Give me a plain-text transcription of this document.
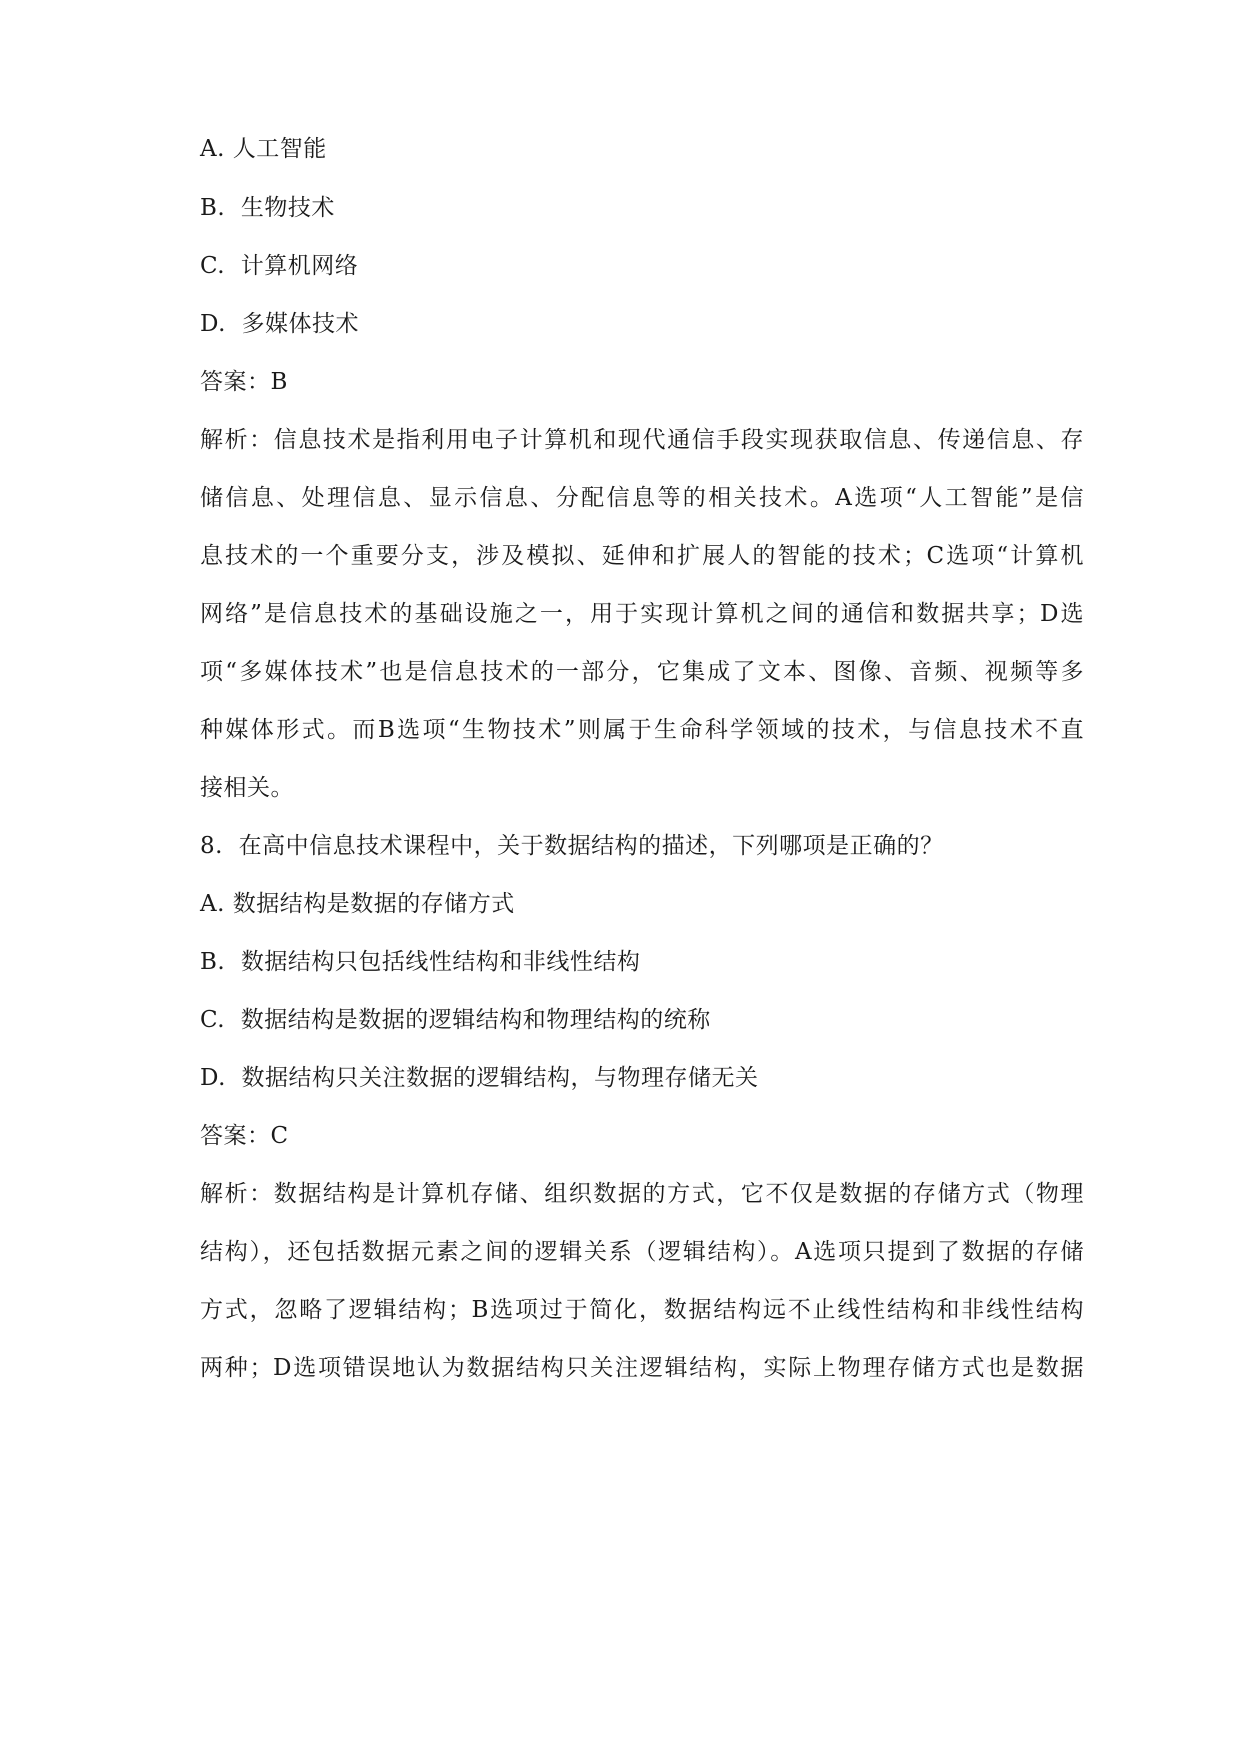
A. 人工智能
B.  生物技术
C.  计算机网络
D.  多媒体技术
答案：B
解析：信息技术是指利用电子计算机和现代通信手段实现获取信息、传递信息、存
储信息、处理信息、显示信息、分配信息等的相关技术。A选项“人工智能”是信
息技术的一个重要分支，涉及模拟、延伸和扩展人的智能的技术；C选项“计算机
网络”是信息技术的基础设施之一，用于实现计算机之间的通信和数据共享；D选
项“多媒体技术”也是信息技术的一部分，它集成了文本、图像、音频、视频等多
种媒体形式。而B选项“生物技术”则属于生命科学领域的技术，与信息技术不直
接相关。
8.  在高中信息技术课程中，关于数据结构的描述，下列哪项是正确的？
A. 数据结构是数据的存储方式
B.  数据结构只包括线性结构和非线性结构
C.  数据结构是数据的逻辑结构和物理结构的统称
D.  数据结构只关注数据的逻辑结构，与物理存储无关
答案：C
解析：数据结构是计算机存储、组织数据的方式，它不仅是数据的存储方式（物理
结构），还包括数据元素之间的逻辑关系（逻辑结构）。A选项只提到了数据的存储
方式，忽略了逻辑结构；B选项过于简化，数据结构远不止线性结构和非线性结构
两种；D选项错误地认为数据结构只关注逻辑结构，实际上物理存储方式也是数据
